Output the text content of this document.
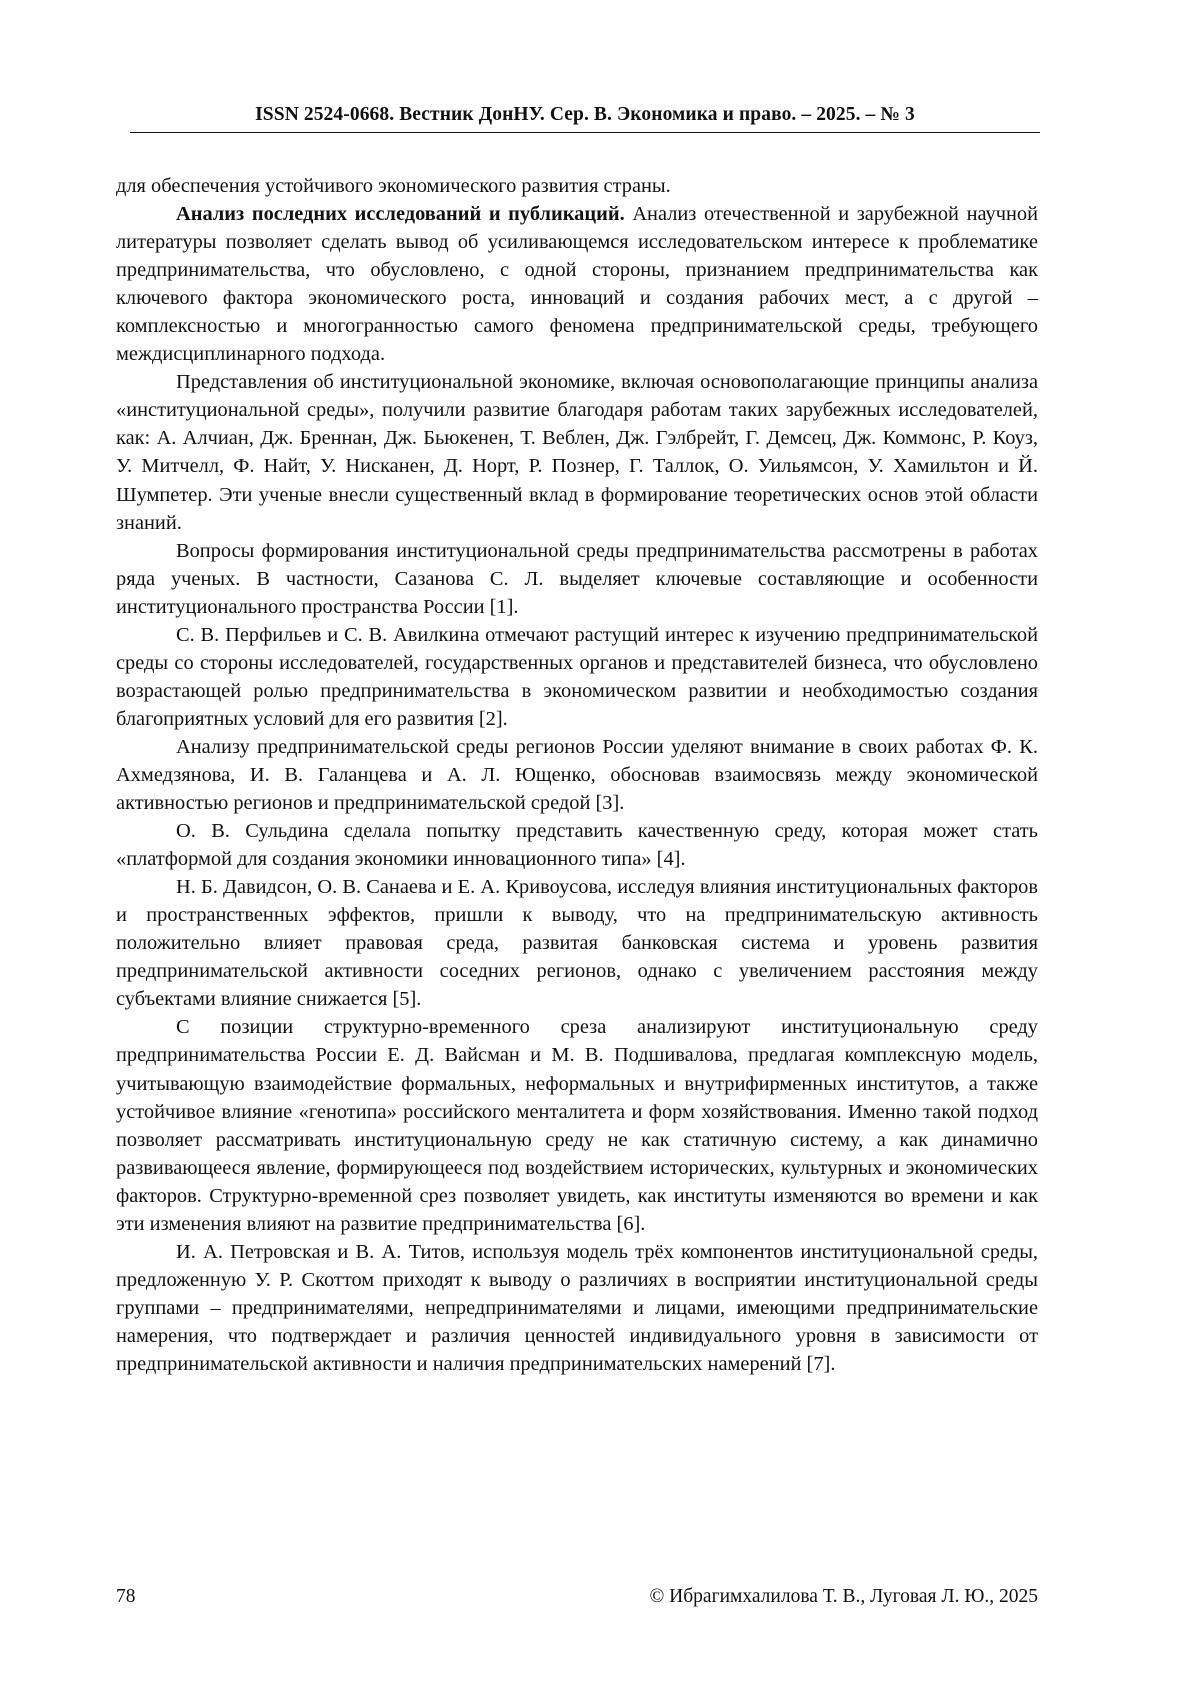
ISSN 2524-0668. Вестник ДонНУ. Сер. В. Экономика и право. – 2025. – № 3

для обеспечения устойчивого экономического развития страны.

Анализ последних исследований и публикаций. Анализ отечественной и зарубежной научной литературы позволяет сделать вывод об усиливающемся исследовательском интересе к проблематике предпринимательства, что обусловлено, с одной стороны, признанием предпринимательства как ключевого фактора экономического роста, инноваций и создания рабочих мест, а с другой – комплексностью и многогранностью самого феномена предпринимательской среды, требующего междисциплинарного подхода.

Представления об институциональной экономике, включая основополагающие принципы анализа «институциональной среды», получили развитие благодаря работам таких зарубежных исследователей, как: А. Алчиан, Дж. Бреннан, Дж. Бьюкенен, Т. Веблен, Дж. Гэлбрейт, Г. Демсец, Дж. Коммонс, Р. Коуз, У. Митчелл, Ф. Найт, У. Нисканен, Д. Норт, Р. Познер, Г. Таллок, О. Уильямсон, У. Хамильтон и Й. Шумпетер. Эти ученые внесли существенный вклад в формирование теоретических основ этой области знаний.

Вопросы формирования институциональной среды предпринимательства рассмотрены в работах ряда ученых. В частности, Сазанова С. Л. выделяет ключевые составляющие и особенности институционального пространства России [1].

С. В. Перфильев и С. В. Авилкина отмечают растущий интерес к изучению предпринимательской среды со стороны исследователей, государственных органов и представителей бизнеса, что обусловлено возрастающей ролью предпринимательства в экономическом развитии и необходимостью создания благоприятных условий для его развития [2].

Анализу предпринимательской среды регионов России уделяют внимание в своих работах Ф. К. Ахмедзянова, И. В. Галанцева и А. Л. Ющенко, обосновав взаимосвязь между экономической активностью регионов и предпринимательской средой [3].

О. В. Сульдина сделала попытку представить качественную среду, которая может стать «платформой для создания экономики инновационного типа» [4].

Н. Б. Давидсон, О. В. Санаева и Е. А. Кривоусова, исследуя влияния институциональных факторов и пространственных эффектов, пришли к выводу, что на предпринимательскую активность положительно влияет правовая среда, развитая банковская система и уровень развития предпринимательской активности соседних регионов, однако с увеличением расстояния между субъектами влияние снижается [5].

С позиции структурно-временного среза анализируют институциональную среду предпринимательства России Е. Д. Вайсман и М. В. Подшивалова, предлагая комплексную модель, учитывающую взаимодействие формальных, неформальных и внутрифирменных институтов, а также устойчивое влияние «генотипа» российского менталитета и форм хозяйствования. Именно такой подход позволяет рассматривать институциональную среду не как статичную систему, а как динамично развивающееся явление, формирующееся под воздействием исторических, культурных и экономических факторов. Структурно-временной срез позволяет увидеть, как институты изменяются во времени и как эти изменения влияют на развитие предпринимательства [6].

И. А. Петровская и В. А. Титов, используя модель трёх компонентов институциональной среды, предложенную У. Р. Скоттом приходят к выводу о различиях в восприятии институциональной среды группами – предпринимателями, непредпринимателями и лицами, имеющими предпринимательские намерения, что подтверждает и различия ценностей индивидуального уровня в зависимости от предпринимательской активности и наличия предпринимательских намерений [7].

78	© Ибрагимхалилова Т. В., Луговая Л. Ю., 2025
